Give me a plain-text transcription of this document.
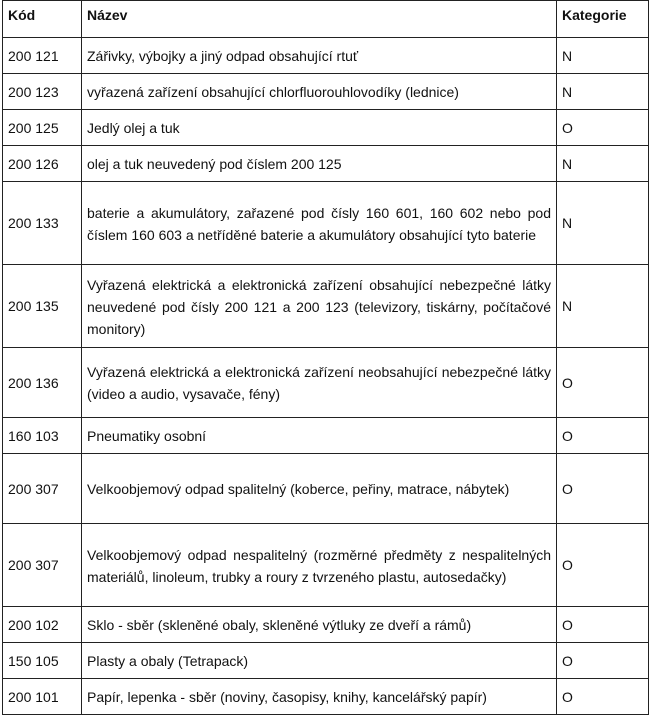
Kód	Název	Kategorie
200 121	Zářivky, výbojky a jiný odpad obsahující rtuť	N
200 123	vyřazená zařízení obsahující chlorfluorouhlovodíky (lednice)	N
200 125	Jedlý olej a tuk	O
200 126	olej a tuk neuvedený pod číslem 200 125	N
200 133	baterie a akumulátory, zařazené pod čísly 160 601, 160 602 nebo pod číslem 160 603 a netříděné baterie a akumulátory obsahující tyto baterie	N
200 135	Vyřazená elektrická a elektronická zařízení obsahující nebezpečné látky neuvedené pod čísly 200 121 a 200 123 (televizory, tiskárny, počítačové monitory)	N
200 136	Vyřazená elektrická a elektronická zařízení neobsahující nebezpečné látky (video a audio, vysavače, fény)	O
160 103	Pneumatiky osobní	O
200 307	Velkoobjemový odpad spalitelný (koberce, peřiny, matrace, nábytek)	O
200 307	Velkoobjemový odpad nespalitelný (rozměrné předměty z nespalitelných materiálů, linoleum, trubky a roury z tvrzeného plastu, autosedačky)	O
200 102	Sklo - sběr (skleněné obaly, skleněné výtluky ze dveří a rámů)	O
150 105	Plasty a obaly (Tetrapack)	O
200 101	Papír, lepenka - sběr (noviny, časopisy, knihy, kancelářský papír)	O
